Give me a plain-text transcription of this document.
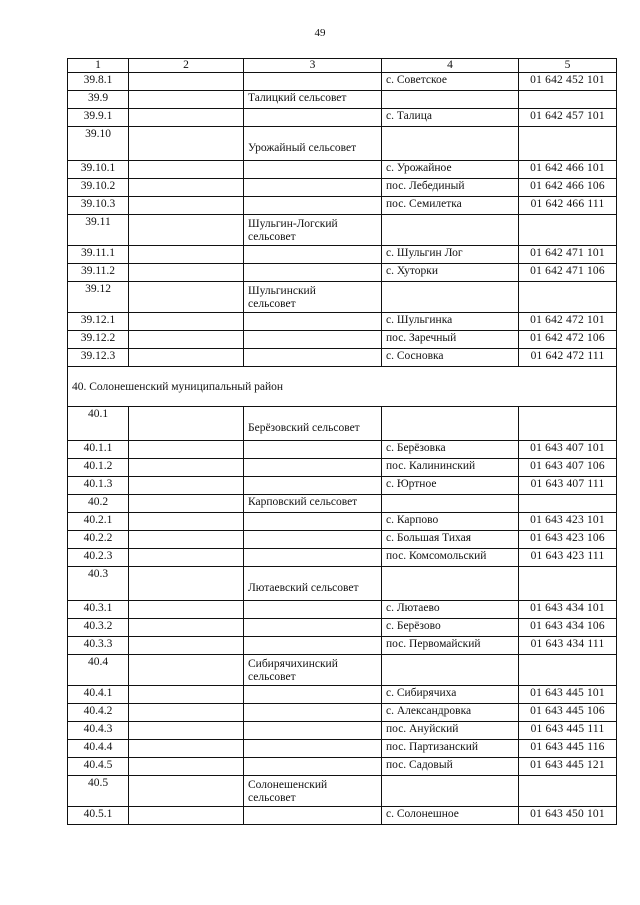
49
1	2	3	4	5
39.8.1			с. Советское	01 642 452 101
39.9		Талицкий сельсовет		
39.9.1			с. Талица	01 642 457 101
39.10		Урожайный сельсовет		
39.10.1			с. Урожайное	01 642 466 101
39.10.2			пос. Лебединый	01 642 466 106
39.10.3			пос. Семилетка	01 642 466 111
39.11		Шульгин-Логский
сельсовет		
39.11.1			с. Шульгин Лог	01 642 471 101
39.11.2			с. Хуторки	01 642 471 106
39.12		Шульгинский
сельсовет		
39.12.1			с. Шульгинка	01 642 472 101
39.12.2			пос. Заречный	01 642 472 106
39.12.3			с. Сосновка	01 642 472 111
40. Солонешенский муниципальный район				
40.1		Берёзовский сельсовет		
40.1.1			с. Берёзовка	01 643 407 101
40.1.2			пос. Калининский	01 643 407 106
40.1.3			с. Юртное	01 643 407 111
40.2		Карповский сельсовет		
40.2.1			с. Карпово	01 643 423 101
40.2.2			с. Большая Тихая	01 643 423 106
40.2.3			пос. Комсомольский	01 643 423 111
40.3		Лютаевский сельсовет		
40.3.1			с. Лютаево	01 643 434 101
40.3.2			с. Берёзово	01 643 434 106
40.3.3			пос. Первомайский	01 643 434 111
40.4		Сибирячихинский
сельсовет		
40.4.1			с. Сибирячиха	01 643 445 101
40.4.2			с. Александровка	01 643 445 106
40.4.3			пос. Ануйский	01 643 445 111
40.4.4			пос. Партизанский	01 643 445 116
40.4.5			пос. Садовый	01 643 445 121
40.5		Солонешенский
сельсовет		
40.5.1			с. Солонешное	01 643 450 101
